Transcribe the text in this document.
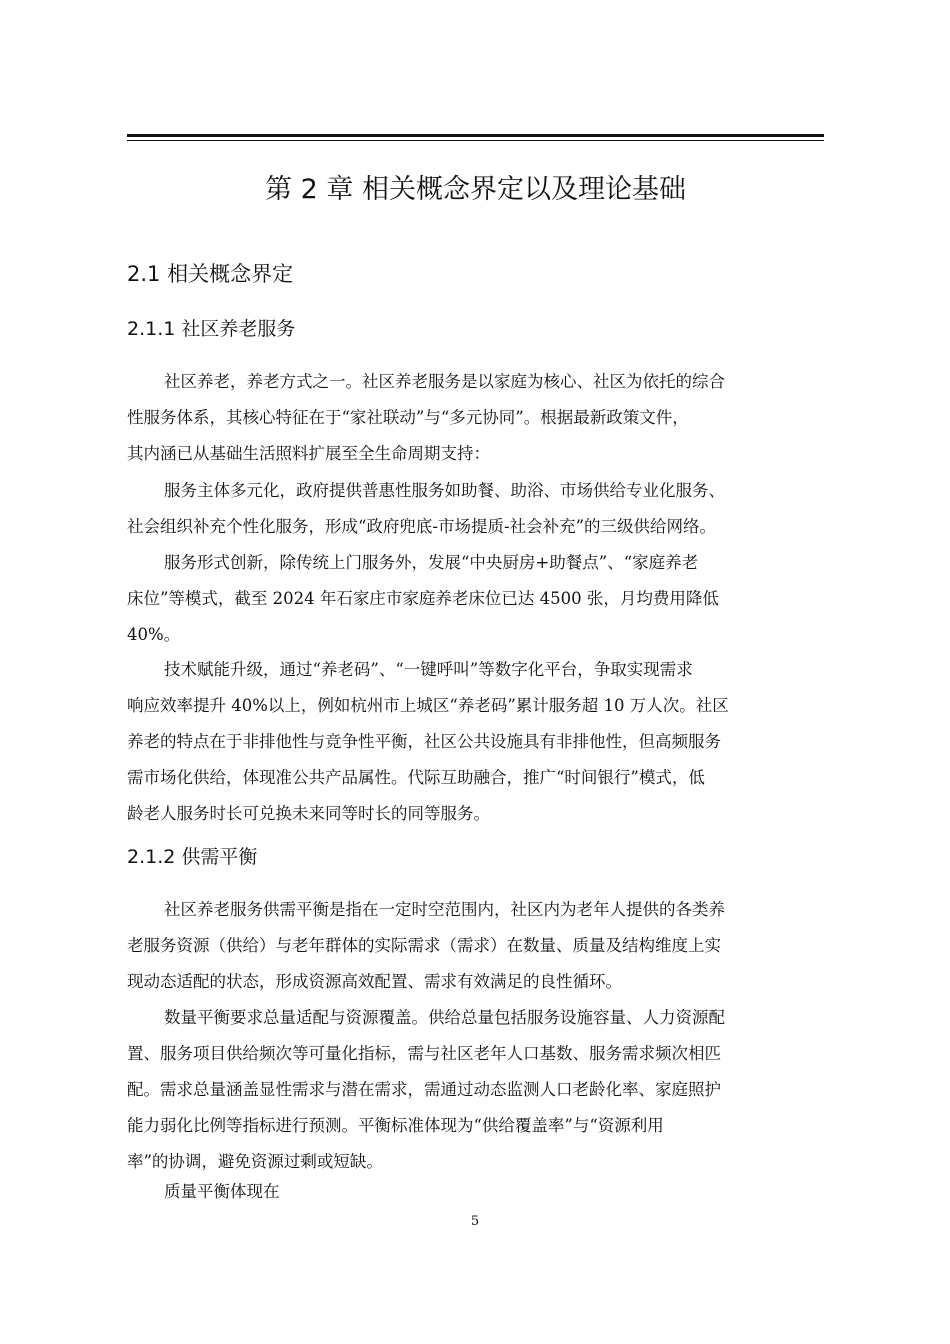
第 2 章 相关概念界定以及理论基础
2.1 相关概念界定
2.1.1 社区养老服务

社区养老，养老方式之一。社区养老服务是以家庭为核心、社区为依托的综合
性服务体系，其核心特征在于“家社联动”与“多元协同”。根据最新政策文件，
其内涵已从基础生活照料扩展至全生命周期支持：

服务主体多元化，政府提供普惠性服务如助餐、助浴、市场供给专业化服务、
社会组织补充个性化服务，形成“政府兜底-市场提质-社会补充”的三级供给网络。

服务形式创新，除传统上门服务外，发展“中央厨房+助餐点”、“家庭养老
床位”等模式，截至 2024 年石家庄市家庭养老床位已达 4500 张，月均费用降低
40%。

技术赋能升级，通过“养老码”、“一键呼叫”等数字化平台，争取实现需求
响应效率提升 40%以上，例如杭州市上城区“养老码”累计服务超 10 万人次。社区
养老的特点在于非排他性与竞争性平衡，社区公共设施具有非排他性，但高频服务
需市场化供给，体现准公共产品属性。代际互助融合，推广“时间银行”模式，低
龄老人服务时长可兑换未来同等时长的同等服务。

2.1.2 供需平衡

社区养老服务供需平衡是指在一定时空范围内，社区内为老年人提供的各类养
老服务资源（供给）与老年群体的实际需求（需求）在数量、质量及结构维度上实
现动态适配的状态，形成资源高效配置、需求有效满足的良性循环。

数量平衡要求总量适配与资源覆盖。供给总量包括服务设施容量、人力资源配
置、服务项目供给频次等可量化指标，需与社区老年人口基数、服务需求频次相匹
配。需求总量涵盖显性需求与潜在需求，需通过动态监测人口老龄化率、家庭照护
能力弱化比例等指标进行预测。平衡标准体现为“供给覆盖率”与“资源利用
率”的协调，避免资源过剩或短缺。

质量平衡体现在

5
